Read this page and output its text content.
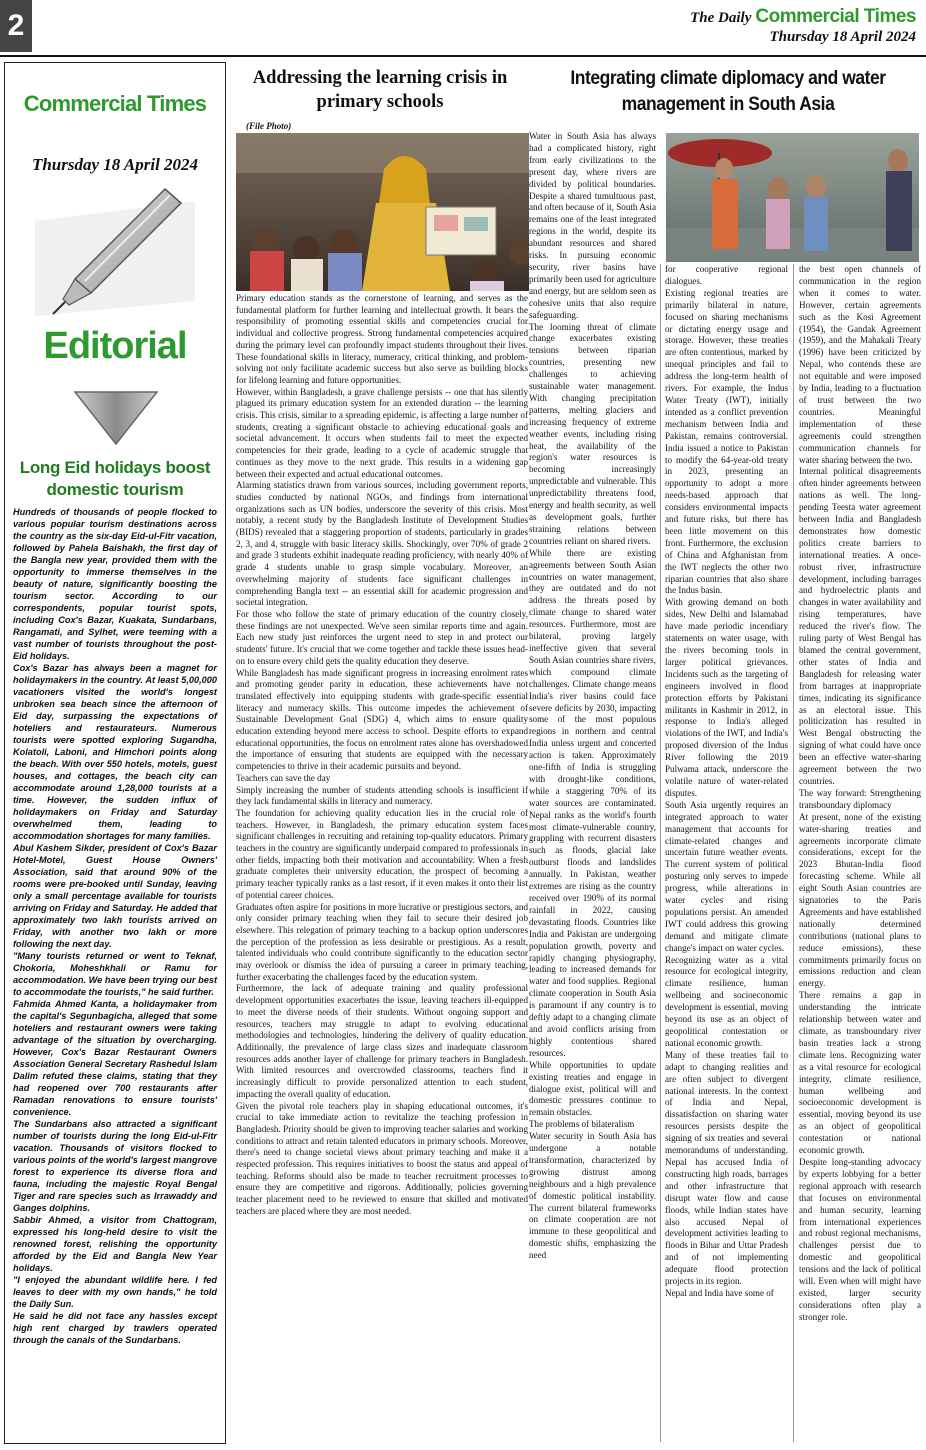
2	The Daily Commercial Times
Thursday 18 April 2024
Commercial Times
Thursday 18 April 2024
Editorial
Long Eid holidays boost domestic tourism

Hundreds of thousands of people flocked to various popular tourism destinations across the country as the six-day Eid-ul-Fitr vacation, followed by Pahela Baishakh, the first day of the Bangla new year, provided them with the opportunity to immerse themselves in the beauty of nature, significantly boosting the tourism sector. According to our correspondents, popular tourist spots, including Cox's Bazar, Kuakata, Sundarbans, Rangamati, and Sylhet, were teeming with a vast number of tourists throughout the post-Eid holidays.

Cox's Bazar has always been a magnet for holidaymakers in the country. At least 5,00,000 vacationers visited the world's longest unbroken sea beach since the afternoon of Eid day, surpassing the expectations of hoteliers and restaurateurs. Numerous tourists were spotted exploring Sugandha, Kolatoli, Laboni, and Himchori points along the beach. With over 550 hotels, motels, guest houses, and cottages, the beach city can accommodate around 1,28,000 tourists at a time. However, the sudden influx of holidaymakers on Friday and Saturday overwhelmed them, leading to accommodation shortages for many families.

Abul Kashem Sikder, president of Cox's Bazar Hotel-Motel, Guest House Owners' Association, said that around 90% of the rooms were pre-booked until Sunday, leaving only a small percentage available for tourists arriving on Friday and Saturday. He added that approximately two lakh tourists arrived on Friday, with another two lakh or more following the next day.

"Many tourists returned or went to Teknaf, Chokoria, Moheshkhali or Ramu for accommodation. We have been trying our best to accommodate the tourists," he said further.

Fahmida Ahmed Kanta, a holidaymaker from the capital's Segunbagicha, alleged that some hoteliers and restaurant owners were taking advantage of the situation by overcharging. However, Cox's Bazar Restaurant Owners Association General Secretary Rashedul Islam Dalim refuted these claims, stating that they had reopened over 700 restaurants after Ramadan renovations to ensure tourists' convenience.

The Sundarbans also attracted a significant number of tourists during the long Eid-ul-Fitr vacation. Thousands of visitors flocked to various points of the world's largest mangrove forest to experience its diverse flora and fauna, including the majestic Royal Bengal Tiger and rare species such as Irrawaddy and Ganges dolphins.

Sabbir Ahmed, a visitor from Chattogram, expressed his long-held desire to visit the renowned forest, relishing the opportunity afforded by the Eid and Bangla New Year holidays.

"I enjoyed the abundant wildlife here. I fed leaves to deer with my own hands," he told the Daily Sun.

He said he did not face any hassles except high rent charged by trawlers operated through the canals of the Sundarbans.

Addressing the learning crisis in primary schools
(File Photo)

Primary education stands as the cornerstone of learning, and serves as the fundamental platform for further learning and intellectual growth. It bears the responsibility of promoting essential skills and competencies crucial for individual and collective progress. Strong fundamental competencies acquired during the primary level can profoundly impact students throughout their lives. These foundational skills in literacy, numeracy, critical thinking, and problem-solving not only facilitate academic success but also serve as building blocks for lifelong learning and future opportunities.

However, within Bangladesh, a grave challenge persists -- one that has silently plagued its primary education system for an extended duration -- the learning crisis. This crisis, similar to a spreading epidemic, is affecting a large number of students, creating a significant obstacle to achieving educational goals and societal advancement. It occurs when students fail to meet the expected competencies for their grade, leading to a cycle of academic struggle that continues as they move to the next grade. This results in a widening gap between their expected and actual educational outcomes.

Alarming statistics drawn from various sources, including government reports, studies conducted by national NGOs, and findings from international organizations such as UN bodies, underscore the severity of this crisis. Most notably, a recent study by the Bangladesh Institute of Development Studies (BIDS) revealed that a staggering proportion of students, particularly in grades 2, 3, and 4, struggle with basic literacy skills. Shockingly, over 70% of grade 2 and grade 3 students exhibit inadequate reading proficiency, with nearly 40% of grade 4 students unable to grasp simple vocabulary. Moreover, an overwhelming majority of students face significant challenges in comprehending Bangla text -- an essential skill for academic progression and societal integration.

For those who follow the state of primary education of the country closely, these findings are not unexpected. We've seen similar reports time and again. Each new study just reinforces the urgent need to step in and protect our students' future. It's crucial that we come together and tackle these issues head-on to ensure every child gets the quality education they deserve.

While Bangladesh has made significant progress in increasing enrolment rates and promoting gender parity in education, these achievements have not translated effectively into equipping students with grade-specific essential literacy and numeracy skills. This outcome impedes the achievement of Sustainable Development Goal (SDG) 4, which aims to ensure quality education extending beyond mere access to school. Despite efforts to expand educational opportunities, the focus on enrolment rates alone has overshadowed the importance of ensuring that students are equipped with the necessary competencies to thrive in their academic pursuits and beyond.

Teachers can save the day

Simply increasing the number of students attending schools is insufficient if they lack fundamental skills in literacy and numeracy.

The foundation for achieving quality education lies in the crucial role of teachers. However, in Bangladesh, the primary education system faces significant challenges in recruiting and retaining top-quality educators. Primary teachers in the country are significantly underpaid compared to professionals in other fields, impacting both their motivation and accountability. When a fresh graduate completes their university education, the prospect of becoming a primary teacher typically ranks as a last resort, if it even makes it onto their list of potential career choices.

Graduates often aspire for positions in more lucrative or prestigious sectors, and only consider primary teaching when they fail to secure their desired job elsewhere. This relegation of primary teaching to a backup option underscores the perception of the profession as less desirable or prestigious. As a result, talented individuals who could contribute significantly to the education sector may overlook or dismiss the idea of pursuing a career in primary teaching, further exacerbating the challenges faced by the education system.

Furthermore, the lack of adequate training and quality professional development opportunities exacerbates the issue, leaving teachers ill-equipped to meet the diverse needs of their students. Without ongoing support and resources, teachers may struggle to adapt to evolving educational methodologies and technologies, hindering the delivery of quality education. Additionally, the prevalence of large class sizes and inadequate classroom resources adds another layer of challenge for primary teachers in Bangladesh. With limited resources and overcrowded classrooms, teachers find it increasingly difficult to provide personalized attention to each student, impacting the overall quality of education.

Given the pivotal role teachers play in shaping educational outcomes, it's crucial to take immediate action to revitalize the teaching profession in Bangladesh. Priority should be given to improving teacher salaries and working conditions to attract and retain talented educators in primary schools. Moreover, there's need to change societal views about primary teaching and make it a respected profession. This requires initiatives to boost the status and appeal of teaching. Reforms should also be made to teacher recruitment processes to ensure they are competitive and rigorous. Additionally, policies governing teacher placement need to be reviewed to ensure that skilled and motivated teachers are placed where they are most needed.

Integrating climate diplomacy and water management in South Asia

Water in South Asia has always had a complicated history, right from early civilizations to the present day, where rivers are divided by political boundaries. Despite a shared tumultuous past, and often because of it, South Asia remains one of the least integrated regions in the world, despite its abundant resources and shared risks. In pursuing economic security, river basins have primarily been used for agriculture and energy, but are seldom seen as cohesive units that also require safeguarding.

The looming threat of climate change exacerbates existing tensions between riparian countries, presenting new challenges to achieving sustainable water management. With changing precipitation patterns, melting glaciers and increasing frequency of extreme weather events, including rising heat, the availability of the region's water resources is becoming increasingly unpredictable and vulnerable. This unpredictability threatens food, energy and health security, as well as development goals, further straining relations between countries reliant on shared rivers.

While there are existing agreements between South Asian countries on water management, they are outdated and do not address the threats posed by climate change to shared water resources. Furthermore, most are bilateral, proving largely ineffective given that several South Asian countries share rivers, which compound climate challenges. Climate change means India's river basins could face severe deficits by 2030, impacting some of the most populous regions in northern and central India unless urgent and concerted action is taken. Approximately one-fifth of India is struggling with drought-like conditions, while a staggering 70% of its water sources are contaminated. Nepal ranks as the world's fourth most climate-vulnerable country, grappling with recurrent disasters such as floods, glacial lake outburst floods and landslides annually. In Pakistan, weather extremes are rising as the country received over 190% of its normal rainfall in 2022, causing devastating floods. Countries like India and Pakistan are undergoing population growth, poverty and rapidly changing physiography, leading to increased demands for water and food supplies. Regional climate cooperation in South Asia is paramount if any country is to deftly adapt to a changing climate and avoid conflicts arising from highly contentious shared resources.

While opportunities to update existing treaties and engage in dialogue exist, political will and domestic pressures continue to remain obstacles.

The problems of bilateralism

Water security in South Asia has undergone a notable transformation, characterized by growing distrust among neighbours and a high prevalence of domestic political instability. The current bilateral frameworks on climate cooperation are not immune to these geopolitical and domestic shifts, emphasizing the need

for cooperative regional dialogues.

Existing regional treaties are primarily bilateral in nature, focused on sharing mechanisms or dictating energy usage and storage. However, these treaties are often contentious, marked by unequal principles and fail to address the long-term health of rivers. For example, the Indus Water Treaty (IWT), initially intended as a conflict prevention mechanism between India and Pakistan, remains controversial. India issued a notice to Pakistan to modify the 64-year-old treaty in 2023, presenting an opportunity to adopt a more needs-based approach that considers environmental impacts and future risks, but there has been little movement on this front. Furthermore, the exclusion of China and Afghanistan from the IWT neglects the other two riparian countries that also share the Indus basin.

With growing demand on both sides, New Delhi and Islamabad have made periodic incendiary statements on water usage, with the rivers becoming tools in larger political grievances. Incidents such as the targeting of engineers involved in flood protection efforts by Pakistani militants in Kashmir in 2012, in response to India's alleged violations of the IWT, and India's proposed diversion of the Indus River following the 2019 Pulwama attack, underscore the volatile nature of water-related disputes.

South Asia urgently requires an integrated approach to water management that accounts for climate-related changes and uncertain future weather events. The current system of political posturing only serves to impede progress, while alterations in water cycles and rising populations persist. An amended IWT could address this growing demand and mitigate climate change's impact on water cycles.

Recognizing water as a vital resource for ecological integrity, climate resilience, human wellbeing and socioeconomic development is essential, moving beyond its use as an object of geopolitical contestation or national economic growth.

Many of these treaties fail to adapt to changing realities and are often subject to divergent national interests. In the context of India and Nepal, dissatisfaction on sharing water resources persists despite the signing of six treaties and several memorandums of understanding. Nepal has accused India of constructing high roads, barrages and other infrastructure that disrupt water flow and cause floods, while Indian states have also accused Nepal of development activities leading to floods in Bihar and Uttar Pradesh and of not implementing adequate flood protection projects in its region.

Nepal and India have some of

the best open channels of communication in the region when it comes to water. However, certain agreements such as the Kosi Agreement (1954), the Gandak Agreement (1959), and the Mahakali Treaty (1996) have been criticized by Nepal, who contends these are not equitable and were imposed by India, leading to a fluctuation of trust between the two countries. Meaningful implementation of these agreements could strengthen communication channels for water sharing between the two.

Internal political disagreements often hinder agreements between nations as well. The long-pending Teesta water agreement between India and Bangladesh demonstrates how domestic politics create barriers to international treaties. A once-robust river, infrastructure development, including barrages and hydroelectric plants and changes in water availability and rising temperatures, have reduced the river's flow. The ruling party of West Bengal has blamed the central government, other states of India and Bangladesh for releasing water from barrages at inappropriate times, indicating its significance as an electoral issue. This politicization has resulted in West Bengal obstructing the signing of what could have once been an effective water-sharing agreement between the two countries.

The way forward: Strengthening transboundary diplomacy

At present, none of the existing water-sharing treaties and agreements incorporate climate considerations, except for the 2023 Bhutan-India flood forecasting scheme. While all eight South Asian countries are signatories to the Paris Agreements and have established nationally determined contributions (national plans to reduce emissions), these commitments primarily focus on emissions reduction and clean energy.

There remains a gap in understanding the intricate relationship between water and climate, as transboundary river basin treaties lack a strong climate lens. Recognizing water as a vital resource for ecological integrity, climate resilience, human wellbeing and socioeconomic development is essential, moving beyond its use as an object of geopolitical contestation or national economic growth.

Despite long-standing advocacy by experts lobbying for a better regional approach with research that focuses on environmental and human security, learning from international experiences and robust regional mechanisms, challenges persist due to domestic and geopolitical tensions and the lack of political will. Even when will might have existed, larger security considerations often play a stronger role.
